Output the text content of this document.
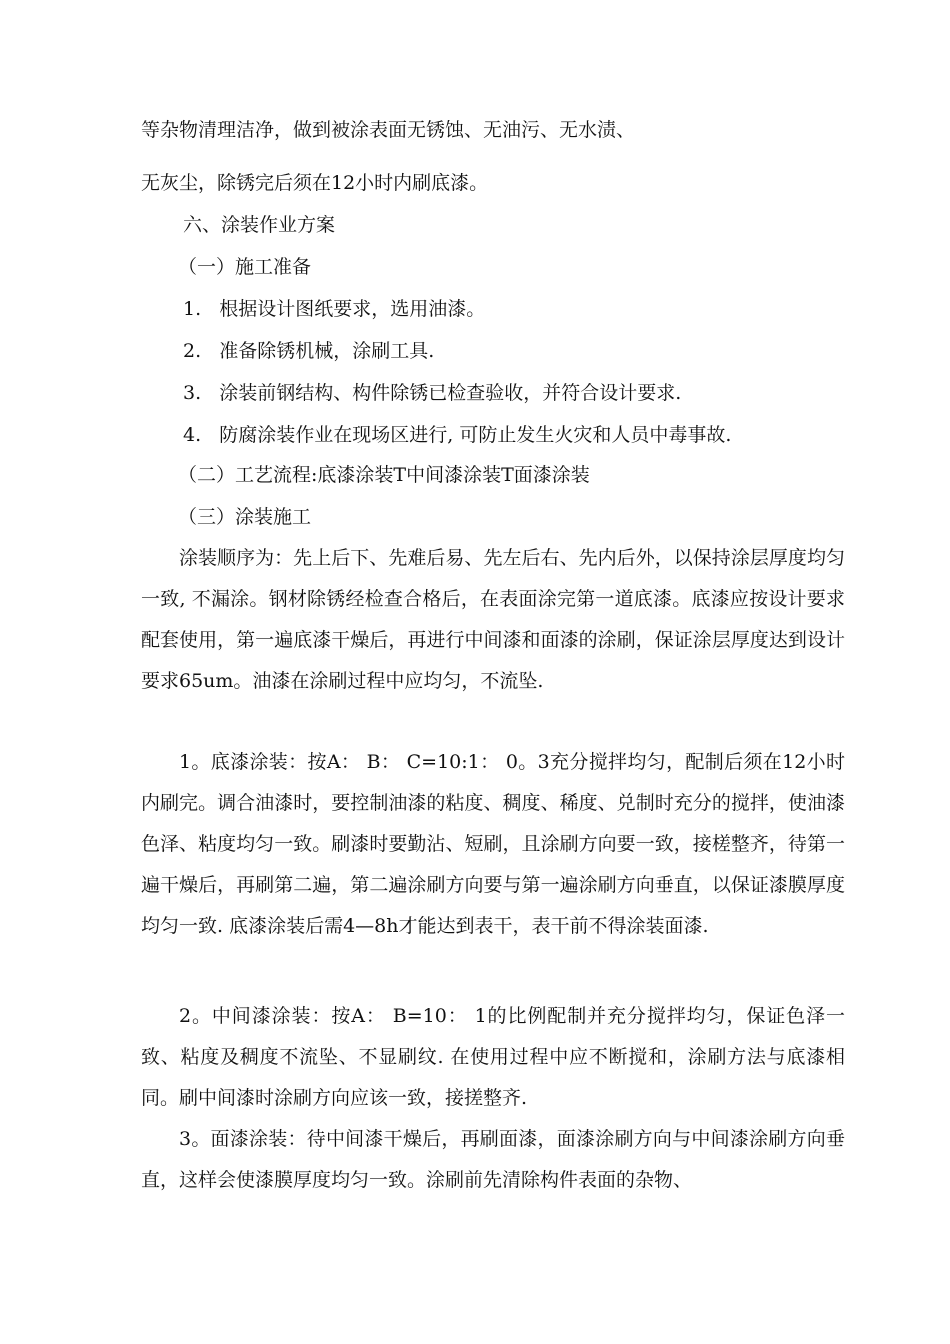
等杂物清理洁净，做到被涂表面无锈蚀、无油污、无水渍、
无灰尘，除锈完后须在12小时内刷底漆。
六、涂装作业方案
（一）施工准备
1.   根据设计图纸要求，选用油漆。
2.   准备除锈机械，涂刷工具.
3.   涂装前钢结构、构件除锈已检查验收，并符合设计要求.
4.   防腐涂装作业在现场区进行, 可防止发生火灾和人员中毒事故.
（二）工艺流程:底漆涂装T中间漆涂装T面漆涂装
（三）涂装施工

涂装顺序为：先上后下、先难后易、先左后右、先内后外，以保持涂层厚度均匀一致, 不漏涂。钢材除锈经检查合格后，在表面涂完第一道底漆。底漆应按设计要求配套使用，第一遍底漆干燥后，再进行中间漆和面漆的涂刷，保证涂层厚度达到设计要求65um。油漆在涂刷过程中应均匀，不流坠.

1。底漆涂装：按A： B： C=10:1： 0。3充分搅拌均匀，配制后须在12小时内刷完。调合油漆时，要控制油漆的粘度、稠度、稀度、兑制时充分的搅拌，使油漆色泽、粘度均匀一致。刷漆时要勤沾、短刷，且涂刷方向要一致，接槎整齐，待第一遍干燥后，再刷第二遍，第二遍涂刷方向要与第一遍涂刷方向垂直，以保证漆膜厚度均匀一致. 底漆涂装后需4—8h才能达到表干，表干前不得涂装面漆.

2。中间漆涂装：按A： B=10： 1的比例配制并充分搅拌均匀，保证色泽一致、粘度及稠度不流坠、不显刷纹. 在使用过程中应不断搅和，涂刷方法与底漆相同。刷中间漆时涂刷方向应该一致，接搓整齐.

3。面漆涂装：待中间漆干燥后，再刷面漆，面漆涂刷方向与中间漆涂刷方向垂直，这样会使漆膜厚度均匀一致。涂刷前先清除构件表面的杂物、
